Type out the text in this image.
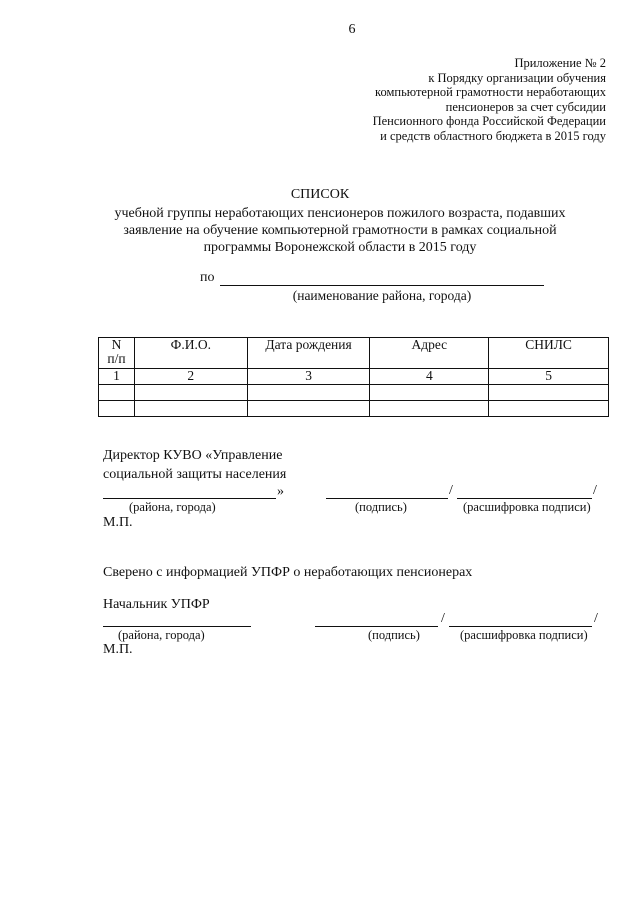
6
Приложение № 2
к Порядку организации обучения
компьютерной грамотности неработающих
пенсионеров за счет субсидии
Пенсионного фонда Российской Федерации
и средств областного бюджета в 2015 году
СПИСОК
учебной группы неработающих пенсионеров пожилого возраста, подавших
заявление на обучение компьютерной грамотности в рамках социальной
программы Воронежской области в 2015 году
по
(наименование района, города)
N
п/п	Ф.И.О.	Дата рождения	Адрес	СНИЛС
1	2	3	4	5

Директор КУВО «Управление
социальной защиты населения
»	/	/
(района, города)	(подпись)	(расшифровка подписи)
М.П.
Сверено с информацией УПФР о неработающих пенсионерах
Начальник УПФР
/	/
(района, города)	(подпись)	(расшифровка подписи)
М.П.
